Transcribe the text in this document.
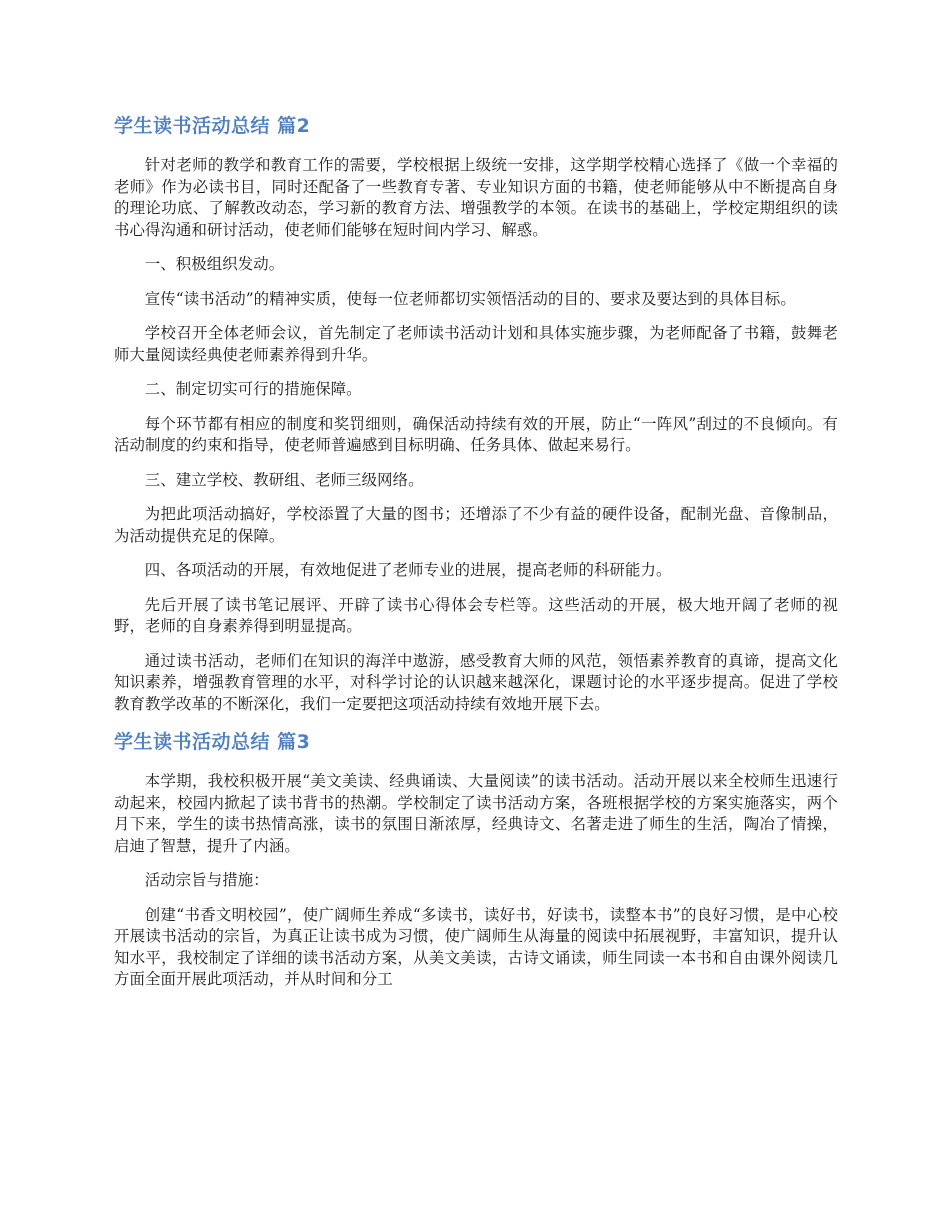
学生读书活动总结 篇2

针对老师的教学和教育工作的需要，学校根据上级统一安排，这学期学校精心选择了《做一个幸福的老师》作为必读书目，同时还配备了一些教育专著、专业知识方面的书籍，使老师能够从中不断提高自身的理论功底、了解教改动态，学习新的教育方法、增强教学的本领。在读书的基础上，学校定期组织的读书心得沟通和研讨活动，使老师们能够在短时间内学习、解惑。

一、积极组织发动。

宣传“读书活动”的精神实质，使每一位老师都切实领悟活动的目的、要求及要达到的具体目标。

学校召开全体老师会议，首先制定了老师读书活动计划和具体实施步骤，为老师配备了书籍，鼓舞老师大量阅读经典使老师素养得到升华。

二、制定切实可行的措施保障。

每个环节都有相应的制度和奖罚细则，确保活动持续有效的开展，防止“一阵风”刮过的不良倾向。有活动制度的约束和指导，使老师普遍感到目标明确、任务具体、做起来易行。

三、建立学校、教研组、老师三级网络。

为把此项活动搞好，学校添置了大量的图书；还增添了不少有益的硬件设备，配制光盘、音像制品，为活动提供充足的保障。

四、各项活动的开展，有效地促进了老师专业的进展，提高老师的科研能力。

先后开展了读书笔记展评、开辟了读书心得体会专栏等。这些活动的开展，极大地开阔了老师的视野，老师的自身素养得到明显提高。

通过读书活动，老师们在知识的海洋中遨游，感受教育大师的风范，领悟素养教育的真谛，提高文化知识素养，增强教育管理的水平，对科学讨论的认识越来越深化，课题讨论的水平逐步提高。促进了学校教育教学改革的不断深化，我们一定要把这项活动持续有效地开展下去。

学生读书活动总结 篇3

本学期，我校积极开展“美文美读、经典诵读、大量阅读”的读书活动。活动开展以来全校师生迅速行动起来，校园内掀起了读书背书的热潮。学校制定了读书活动方案，各班根据学校的方案实施落实，两个月下来，学生的读书热情高涨，读书的氛围日渐浓厚，经典诗文、名著走进了师生的生活，陶冶了情操，启迪了智慧，提升了内涵。

活动宗旨与措施：

创建“书香文明校园”，使广阔师生养成“多读书，读好书，好读书，读整本书”的良好习惯，是中心校开展读书活动的宗旨，为真正让读书成为习惯，使广阔师生从海量的阅读中拓展视野，丰富知识，提升认知水平，我校制定了详细的读书活动方案，从美文美读，古诗文诵读，师生同读一本书和自由课外阅读几方面全面开展此项活动，并从时间和分工
